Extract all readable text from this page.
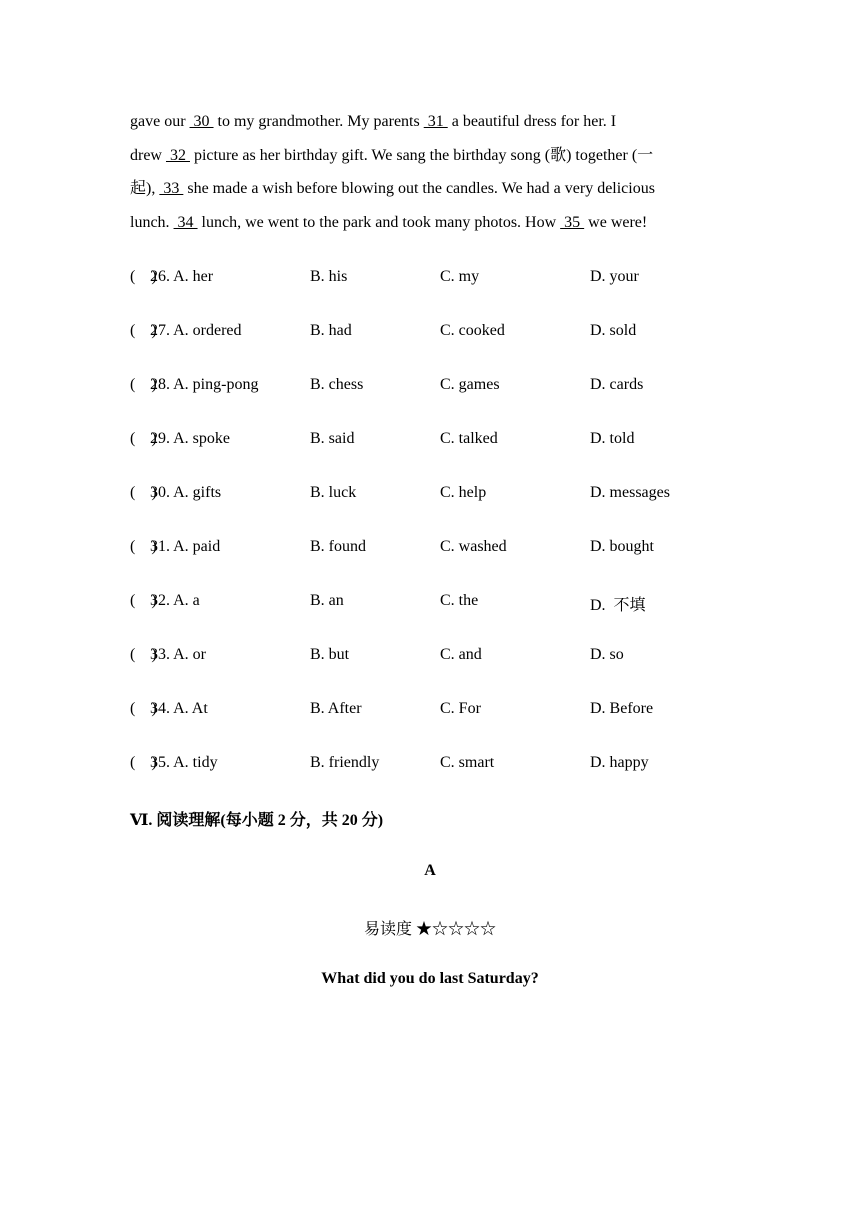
gave our  30  to my grandmother. My parents  31  a beautiful dress for her. I
drew  32  picture as her birthday gift. We sang the birthday song (歌) together (一
起),  33  she made a wish before blowing out the candles. We had a very delicious
lunch.  34  lunch, we went to the park and took many photos. How  35  we were!
(    )
26. A. her	B. his	C. my	D. your
(    )
27. A. ordered	B. had	C. cooked	D. sold
(    )
28. A. ping-pong	B. chess	C. games	D. cards
(    )
29. A. spoke	B. said	C. talked	D. told
(    )
30. A. gifts	B. luck	C. help	D. messages
(    )
31. A. paid	B. found	C. washed	D. bought
(    )
32. A. a	B. an	C. the	D.  不填
(    )
33. A. or	B. but	C. and	D. so
(    )
34. A. At	B. After	C. For	D. Before
(    )
35. A. tidy	B. friendly	C. smart	D. happy
Ⅵ. 阅读理解(每小题 2 分，共 20 分)
A
易读度 ★☆☆☆☆
What did you do last Saturday?
